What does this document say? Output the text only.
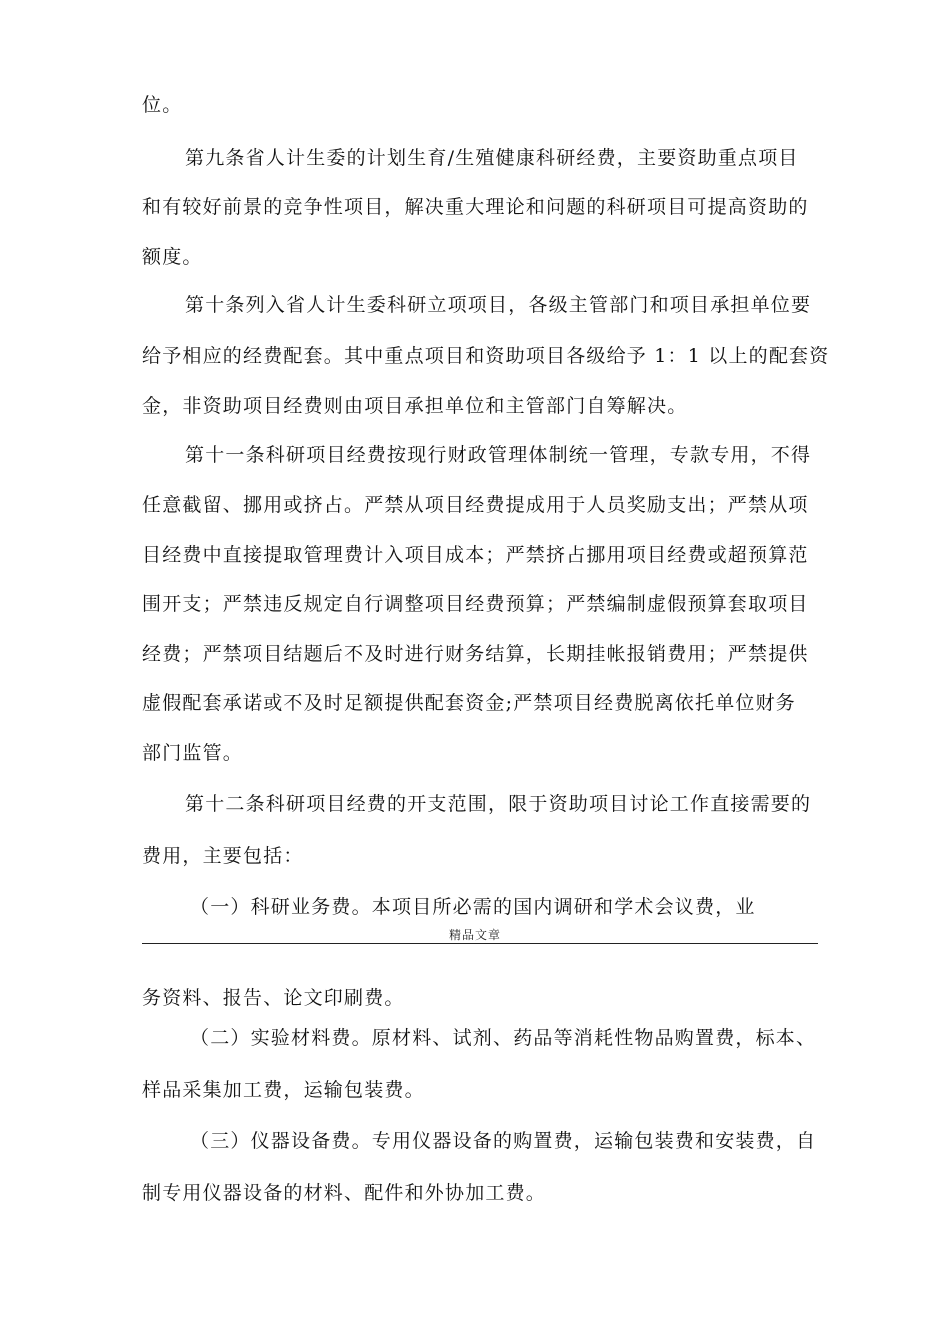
位。
第九条省人计生委的计划生育/生殖健康科研经费，主要资助重点项目
和有较好前景的竞争性项目，解决重大理论和问题的科研项目可提高资助的
额度。
第十条列入省人计生委科研立项项目，各级主管部门和项目承担单位要
给予相应的经费配套。其中重点项目和资助项目各级给予 1：1 以上的配套资
金，非资助项目经费则由项目承担单位和主管部门自筹解决。
第十一条科研项目经费按现行财政管理体制统一管理，专款专用，不得
任意截留、挪用或挤占。严禁从项目经费提成用于人员奖励支出；严禁从项
目经费中直接提取管理费计入项目成本；严禁挤占挪用项目经费或超预算范
围开支；严禁违反规定自行调整项目经费预算；严禁编制虚假预算套取项目
经费；严禁项目结题后不及时进行财务结算，长期挂帐报销费用；严禁提供
虚假配套承诺或不及时足额提供配套资金;严禁项目经费脱离依托单位财务
部门监管。
第十二条科研项目经费的开支范围，限于资助项目讨论工作直接需要的
费用，主要包括：
（一）科研业务费。本项目所必需的国内调研和学术会议费，业
精品文章
务资料、报告、论文印刷费。
（二）实验材料费。原材料、试剂、药品等消耗性物品购置费，标本、
样品采集加工费，运输包装费。
（三）仪器设备费。专用仪器设备的购置费，运输包装费和安装费，自
制专用仪器设备的材料、配件和外协加工费。
